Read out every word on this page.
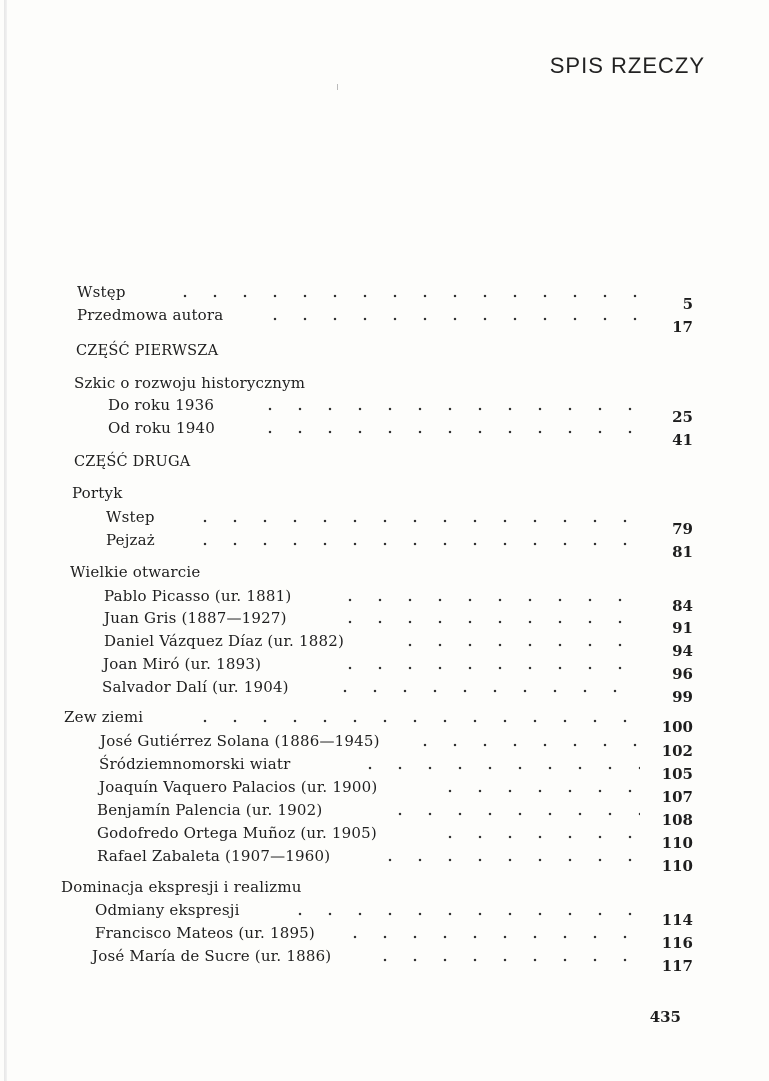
SPIS RZECZY
Wstęp
5
Przedmowa autora
17
CZĘŚĆ PIERWSZA
Szkic o rozwoju historycznym
Do roku 1936
25
Od roku 1940
41
CZĘŚĆ DRUGA
Portyk
Wstep
79
Pejzaż
81
Wielkie otwarcie
Pablo Picasso (ur. 1881)
84
Juan Gris (1887—1927)
91
Daniel Vázquez Díaz (ur. 1882)
94
Joan Miró (ur. 1893)
96
Salvador Dalí (ur. 1904)
99
Zew ziemi
100
José Gutiérrez Solana (1886—1945)
102
Śródziemnomorski wiatr
105
Joaquín Vaquero Palacios (ur. 1900)
107
Benjamín Palencia (ur. 1902)
108
Godofredo Ortega Muñoz (ur. 1905)
110
Rafael Zabaleta (1907—1960)
110
Dominacja ekspresji i realizmu
Odmiany ekspresji
114
Francisco Mateos (ur. 1895)
116
José María de Sucre (ur. 1886)
117
435
